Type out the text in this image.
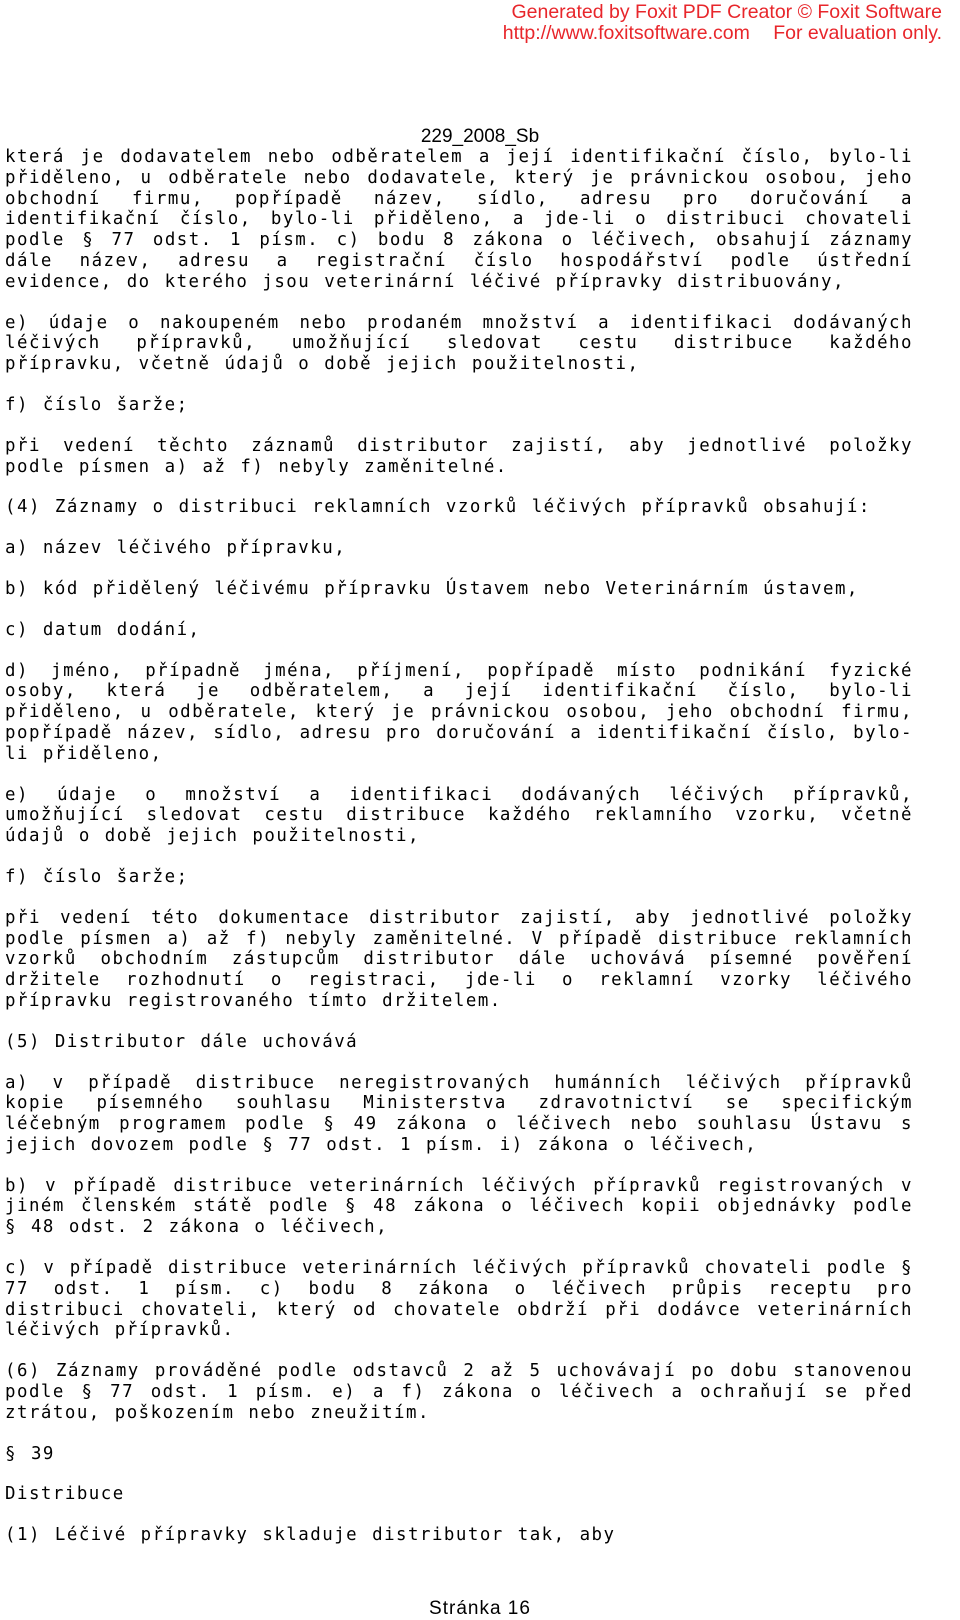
Generated by Foxit PDF Creator © Foxit Software
http://www.foxitsoftware.com For evaluation only.
229_2008_Sb

která je dodavatelem nebo odběratelem a její identifikační číslo, bylo-li přiděleno, u odběratele nebo dodavatele, který je právnickou osobou, jeho obchodní firmu, popřípadě název, sídlo, adresu pro doručování a identifikační číslo, bylo-li přiděleno, a jde-li o distribuci chovateli podle § 77 odst. 1 písm. c) bodu 8 zákona o léčivech, obsahují záznamy dále název, adresu a registrační číslo hospodářství podle ústřední evidence, do kterého jsou veterinární léčivé přípravky distribuovány,

e) údaje o nakoupeném nebo prodaném množství a identifikaci dodávaných léčivých přípravků, umožňující sledovat cestu distribuce každého přípravku, včetně údajů o době jejich použitelnosti,

f) číslo šarže;

při vedení těchto záznamů distributor zajistí, aby jednotlivé položky podle písmen a) až f) nebyly zaměnitelné.

(4) Záznamy o distribuci reklamních vzorků léčivých přípravků obsahují:

a) název léčivého přípravku,

b) kód přidělený léčivému přípravku Ústavem nebo Veterinárním ústavem,

c) datum dodání,

d) jméno, případně jména, příjmení, popřípadě místo podnikání fyzické osoby, která je odběratelem, a její identifikační číslo, bylo-li přiděleno, u odběratele, který je právnickou osobou, jeho obchodní firmu, popřípadě název, sídlo, adresu pro doručování a identifikační číslo, bylo-li přiděleno,

e) údaje o množství a identifikaci dodávaných léčivých přípravků, umožňující sledovat cestu distribuce každého reklamního vzorku, včetně údajů o době jejich použitelnosti,

f) číslo šarže;

při vedení této dokumentace distributor zajistí, aby jednotlivé položky podle písmen a) až f) nebyly zaměnitelné. V případě distribuce reklamních vzorků obchodním zástupcům distributor dále uchovává písemné pověření držitele rozhodnutí o registraci, jde-li o reklamní vzorky léčivého přípravku registrovaného tímto držitelem.

(5) Distributor dále uchovává

a) v případě distribuce neregistrovaných humánních léčivých přípravků kopie písemného souhlasu Ministerstva zdravotnictví se specifickým léčebným programem podle § 49 zákona o léčivech nebo souhlasu Ústavu s jejich dovozem podle § 77 odst. 1 písm. i) zákona o léčivech,

b) v případě distribuce veterinárních léčivých přípravků registrovaných v jiném členském státě podle § 48 zákona o léčivech kopii objednávky podle § 48 odst. 2 zákona o léčivech,

c) v případě distribuce veterinárních léčivých přípravků chovateli podle § 77 odst. 1 písm. c) bodu 8 zákona o léčivech průpis receptu pro distribuci chovateli, který od chovatele obdrží při dodávce veterinárních léčivých přípravků.

(6) Záznamy prováděné podle odstavců 2 až 5 uchovávají po dobu stanovenou podle § 77 odst. 1 písm. e) a f) zákona o léčivech a ochraňují se před ztrátou, poškozením nebo zneužitím.

§ 39

Distribuce

(1) Léčivé přípravky skladuje distributor tak, aby

Stránka 16
